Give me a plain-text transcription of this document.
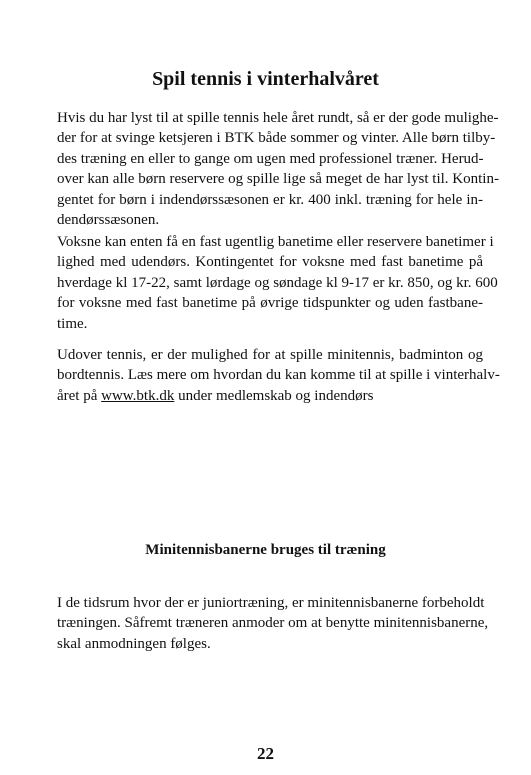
Spil tennis i vinterhalvåret

Hvis du har lyst til at spille tennis hele året rundt, så er der gode mulighe-
der for at svinge ketsjeren i BTK både sommer og vinter. Alle børn tilby-
des træning en eller to gange om ugen med professionel træner. Herud-
over kan alle børn reservere og spille lige så meget de har lyst til. Kontin-
gentet for børn i indendørssæsonen er kr. 400 inkl. træning for hele in-
dendørssæsonen.

Voksne kan enten få en fast ugentlig banetime eller reservere banetimer i
lighed med udendørs. Kontingentet for voksne med fast banetime på
hverdage kl 17-22, samt lørdage og søndage kl 9-17 er kr. 850, og kr. 600
for voksne med fast banetime på øvrige tidspunkter og uden fastbane-
time.

Udover tennis, er der mulighed for at spille minitennis, badminton og
bordtennis. Læs mere om hvordan du kan komme til at spille i vinterhalv-
året på www.btk.dk under medlemskab og indendørs

Minitennisbanerne bruges til træning

I de tidsrum hvor der er juniortræning, er minitennisbanerne forbeholdt
træningen. Såfremt træneren anmoder om at benytte minitennisbanerne,
skal anmodningen følges.

22
